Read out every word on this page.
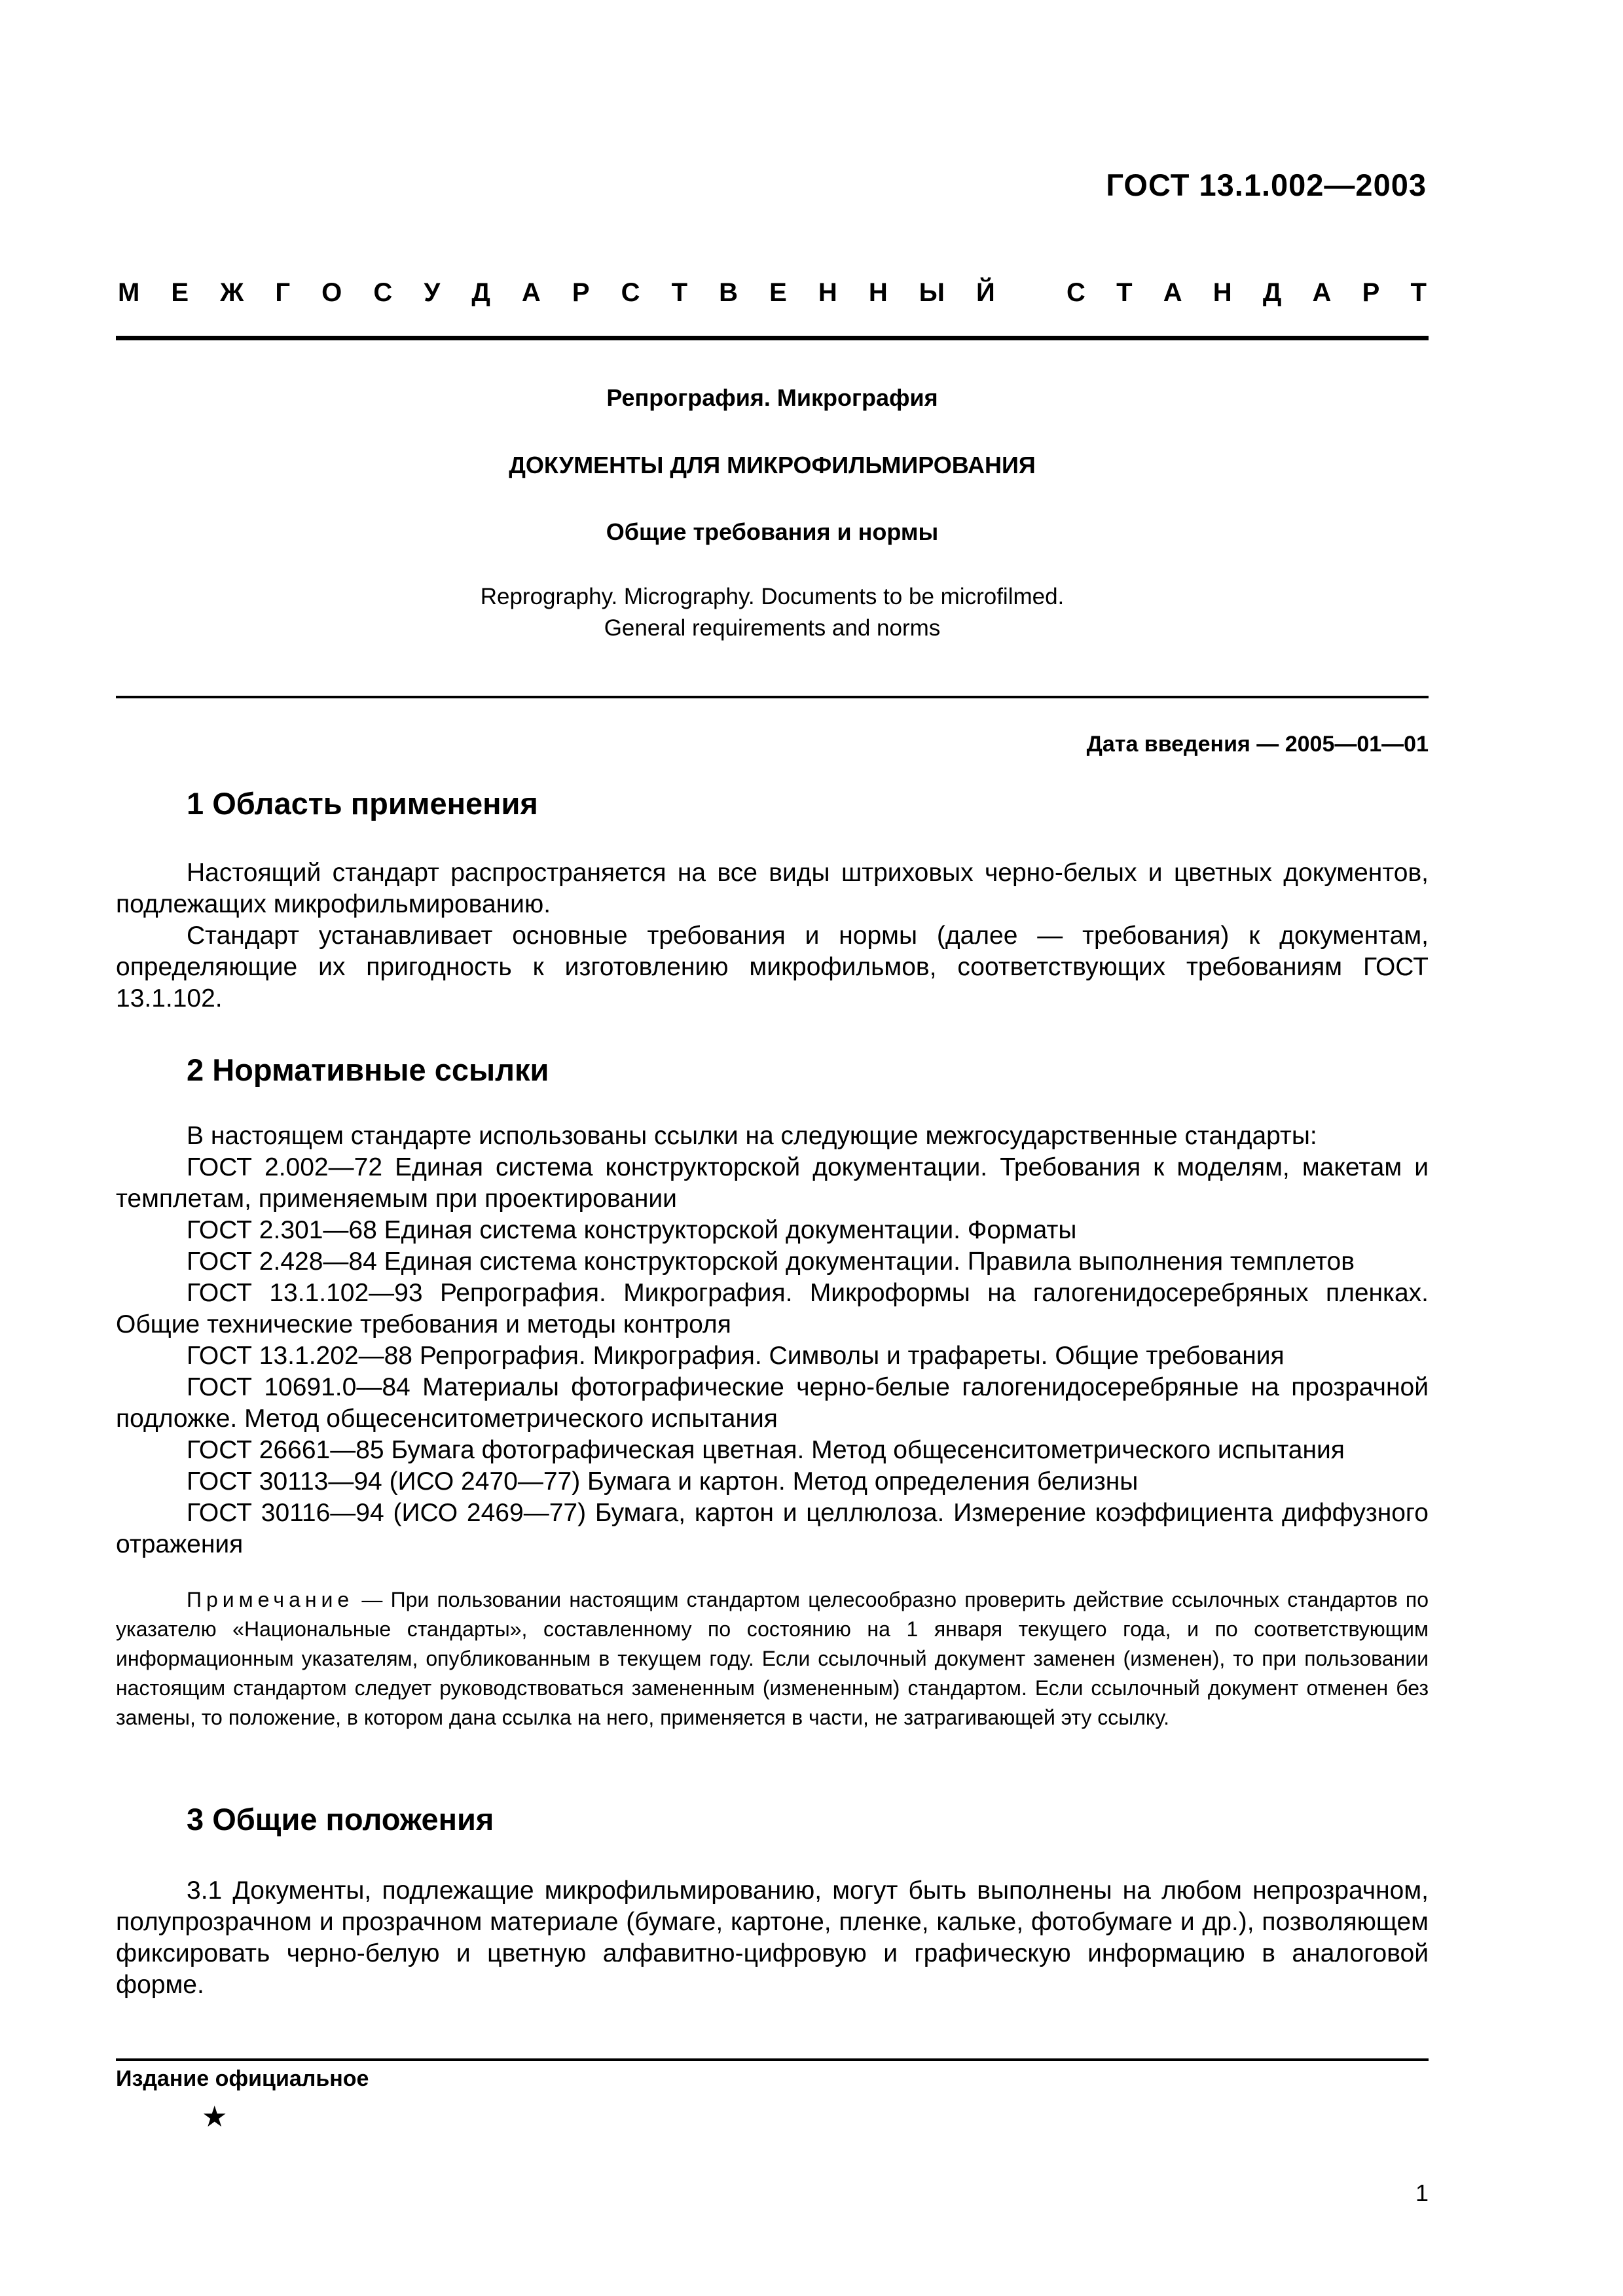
ГОСТ 13.1.002—2003
М Е Ж Г О С У Д А Р С Т В Е Н Н Ы Й	С Т А Н Д А Р Т
Репрография. Микрография
ДОКУМЕНТЫ ДЛЯ МИКРОФИЛЬМИРОВАНИЯ
Общие требования и нормы
Reprography. Micrography. Documents to be microfilmed.
General requirements and norms
Дата введения — 2005—01—01
1 Область применения

Настоящий стандарт распространяется на все виды штриховых черно-белых и цветных документов, подлежащих микрофильмированию.

Стандарт устанавливает основные требования и нормы (далее — требования) к документам, определяющие их пригодность к изготовлению микрофильмов, соответствующих требованиям ГОСТ 13.1.102.

2 Нормативные ссылки

В настоящем стандарте использованы ссылки на следующие межгосударственные стандарты:

ГОСТ 2.002—72 Единая система конструкторской документации. Требования к моделям, макетам и темплетам, применяемым при проектировании

ГОСТ 2.301—68 Единая система конструкторской документации. Форматы

ГОСТ 2.428—84 Единая система конструкторской документации. Правила выполнения темплетов

ГОСТ 13.1.102—93 Репрография. Микрография. Микроформы на галогенидосеребряных пленках. Общие технические требования и методы контроля

ГОСТ 13.1.202—88 Репрография. Микрография. Символы и трафареты. Общие требования

ГОСТ 10691.0—84 Материалы фотографические черно-белые галогенидосеребряные на прозрачной подложке. Метод общесенситометрического испытания

ГОСТ 26661—85 Бумага фотографическая цветная. Метод общесенситометрического испытания

ГОСТ 30113—94 (ИСО 2470—77) Бумага и картон. Метод определения белизны

ГОСТ 30116—94 (ИСО 2469—77) Бумага, картон и целлюлоза. Измерение коэффициента диффузного отражения

Примечание — При пользовании настоящим стандартом целесообразно проверить действие ссылочных стандартов по указателю «Национальные стандарты», составленному по состоянию на 1 января текущего года, и по соответствующим информационным указателям, опубликованным в текущем году. Если ссылочный документ заменен (изменен), то при пользовании настоящим стандартом следует руководствоваться замененным (измененным) стандартом. Если ссылочный документ отменен без замены, то положение, в котором дана ссылка на него, применяется в части, не затрагивающей эту ссылку.
3 Общие положения

3.1 Документы, подлежащие микрофильмированию, могут быть выполнены на любом непрозрачном, полупрозрачном и прозрачном материале (бумаге, картоне, пленке, кальке, фотобумаге и др.), позволяющем фиксировать черно-белую и цветную алфавитно-цифровую и графическую информацию в аналоговой форме.

Издание официальное
★
1
